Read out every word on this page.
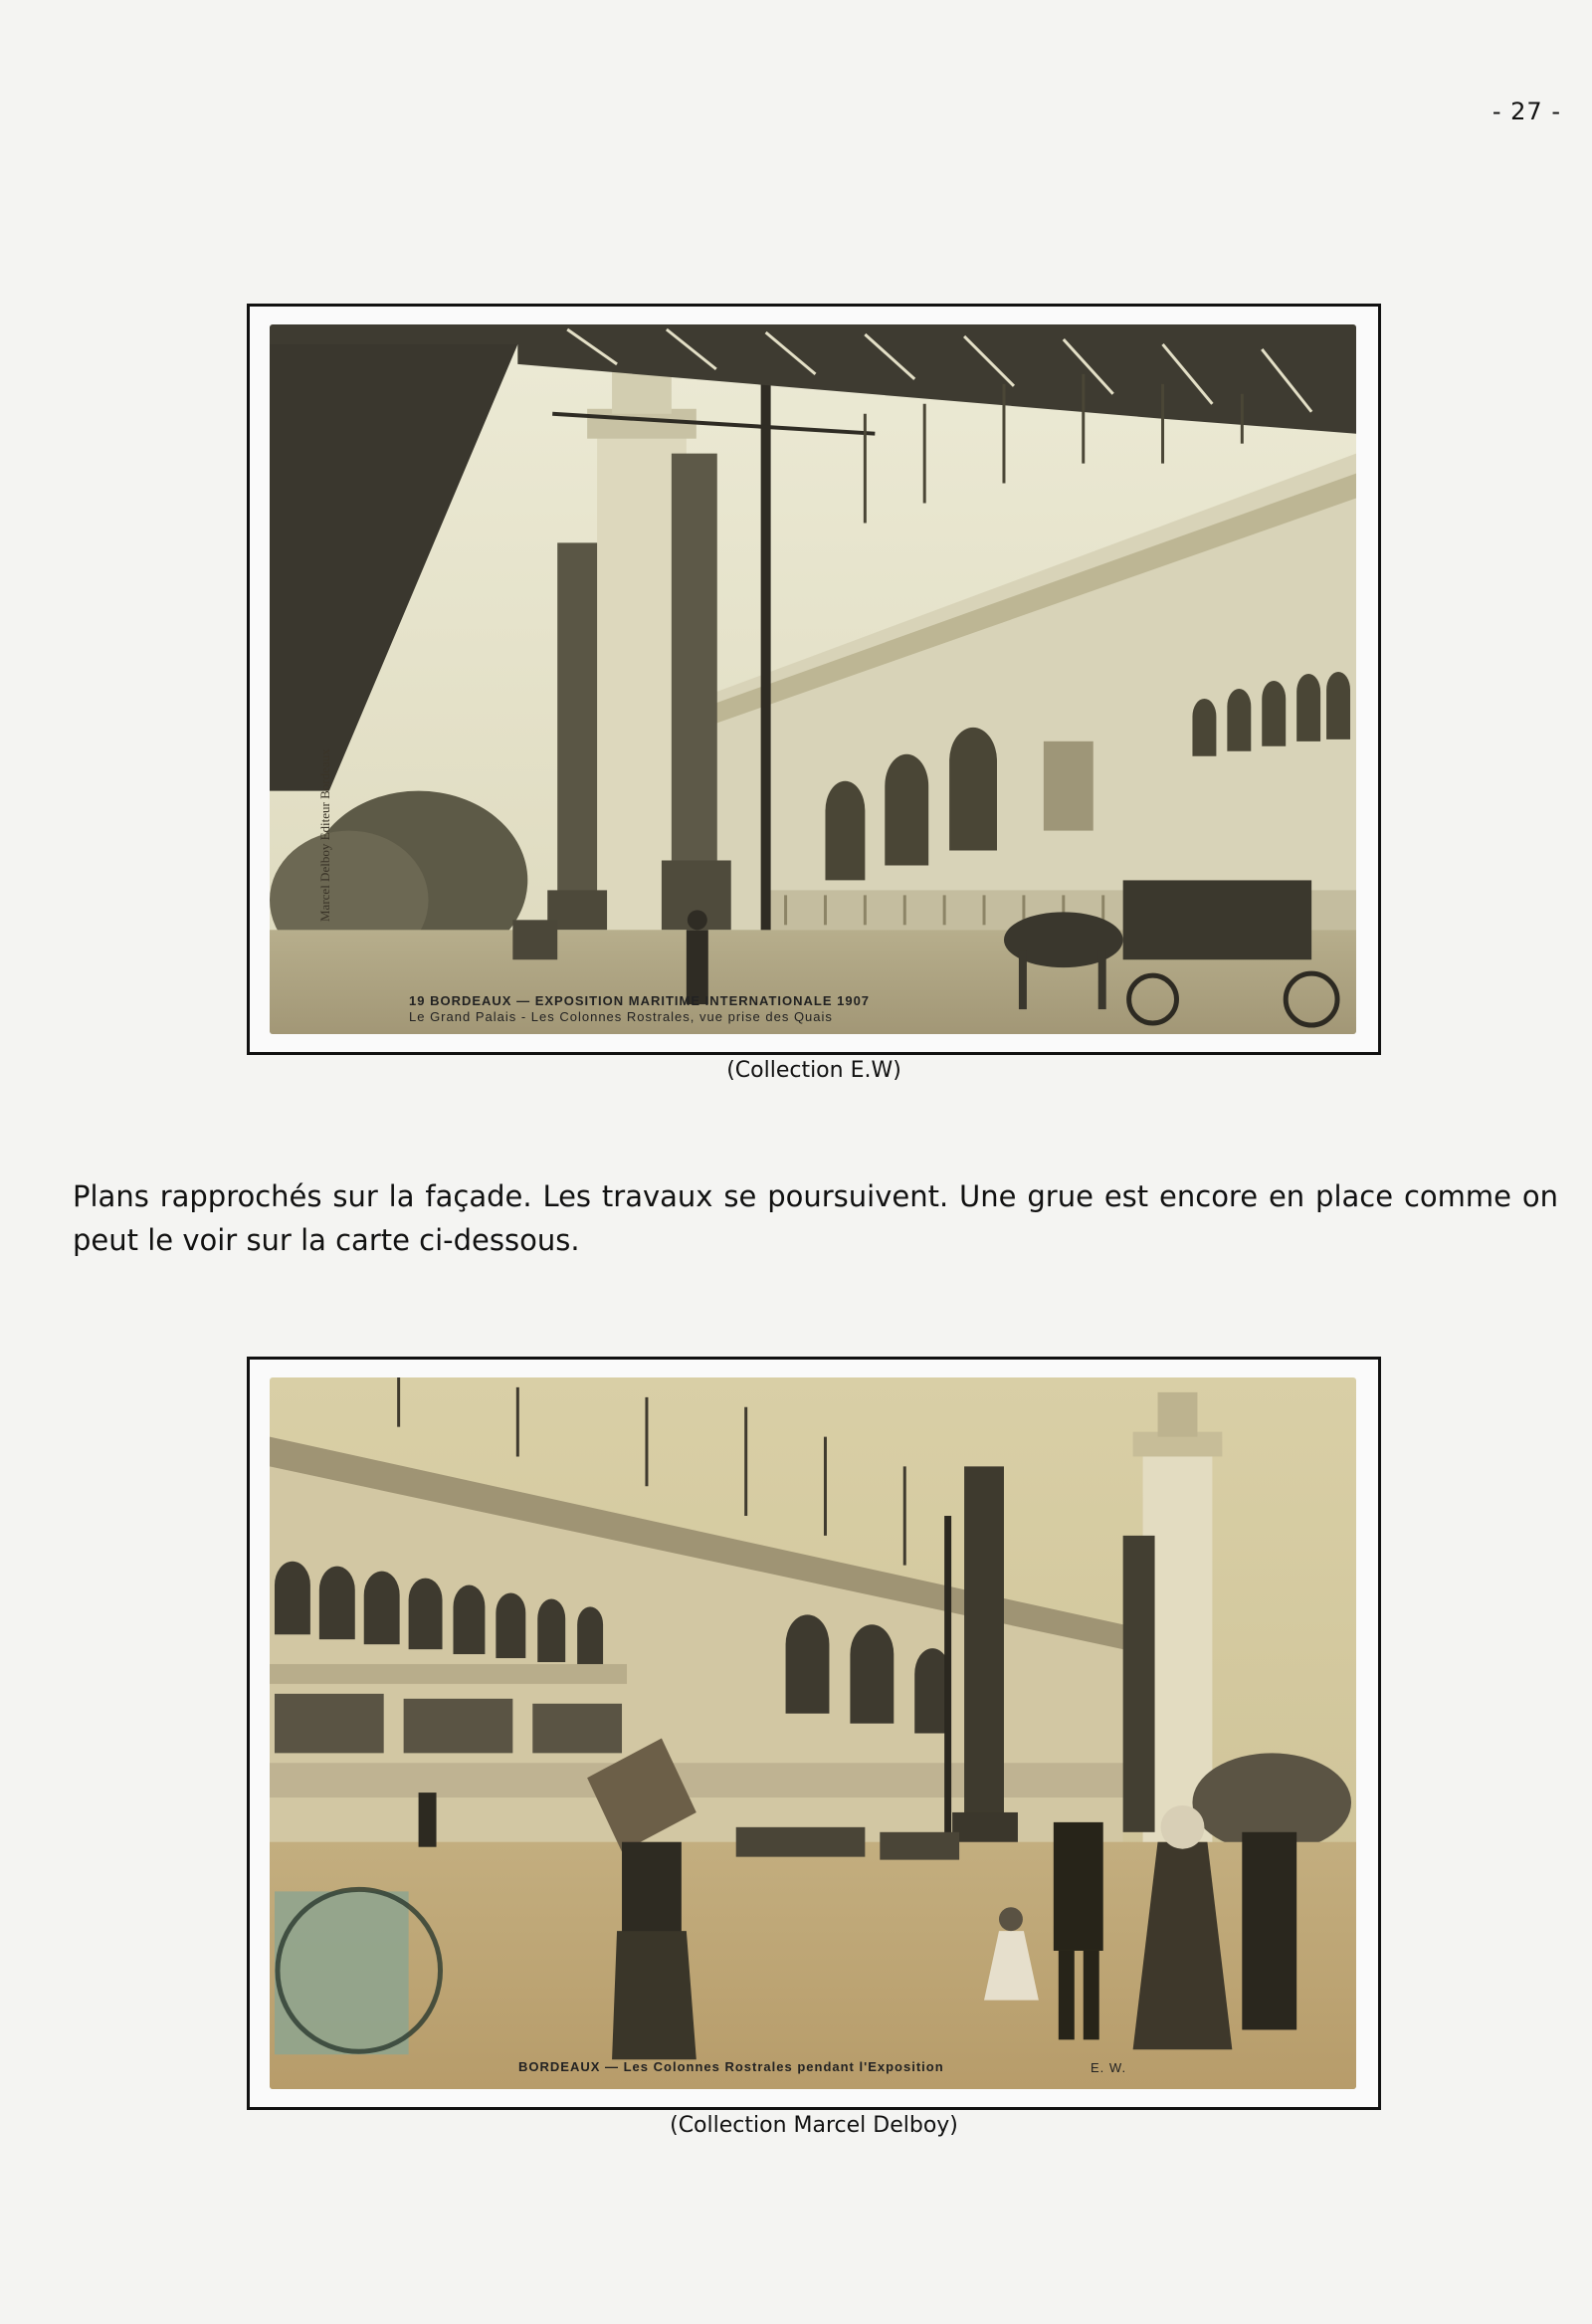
- 27 -
19 BORDEAUX — EXPOSITION MARITIME INTERNATIONALE 1907
Le Grand Palais - Les Colonnes Rostrales, vue prise des Quais
Marcel Delboy Editeur Bordeaux
(Collection E.W)
Plans rapprochés sur la façade. Les travaux se poursuivent. Une grue est encore en place comme on peut le voir sur la carte ci-dessous.
BORDEAUX — Les Colonnes Rostrales pendant l'Exposition	E. W.
(Collection Marcel Delboy)
